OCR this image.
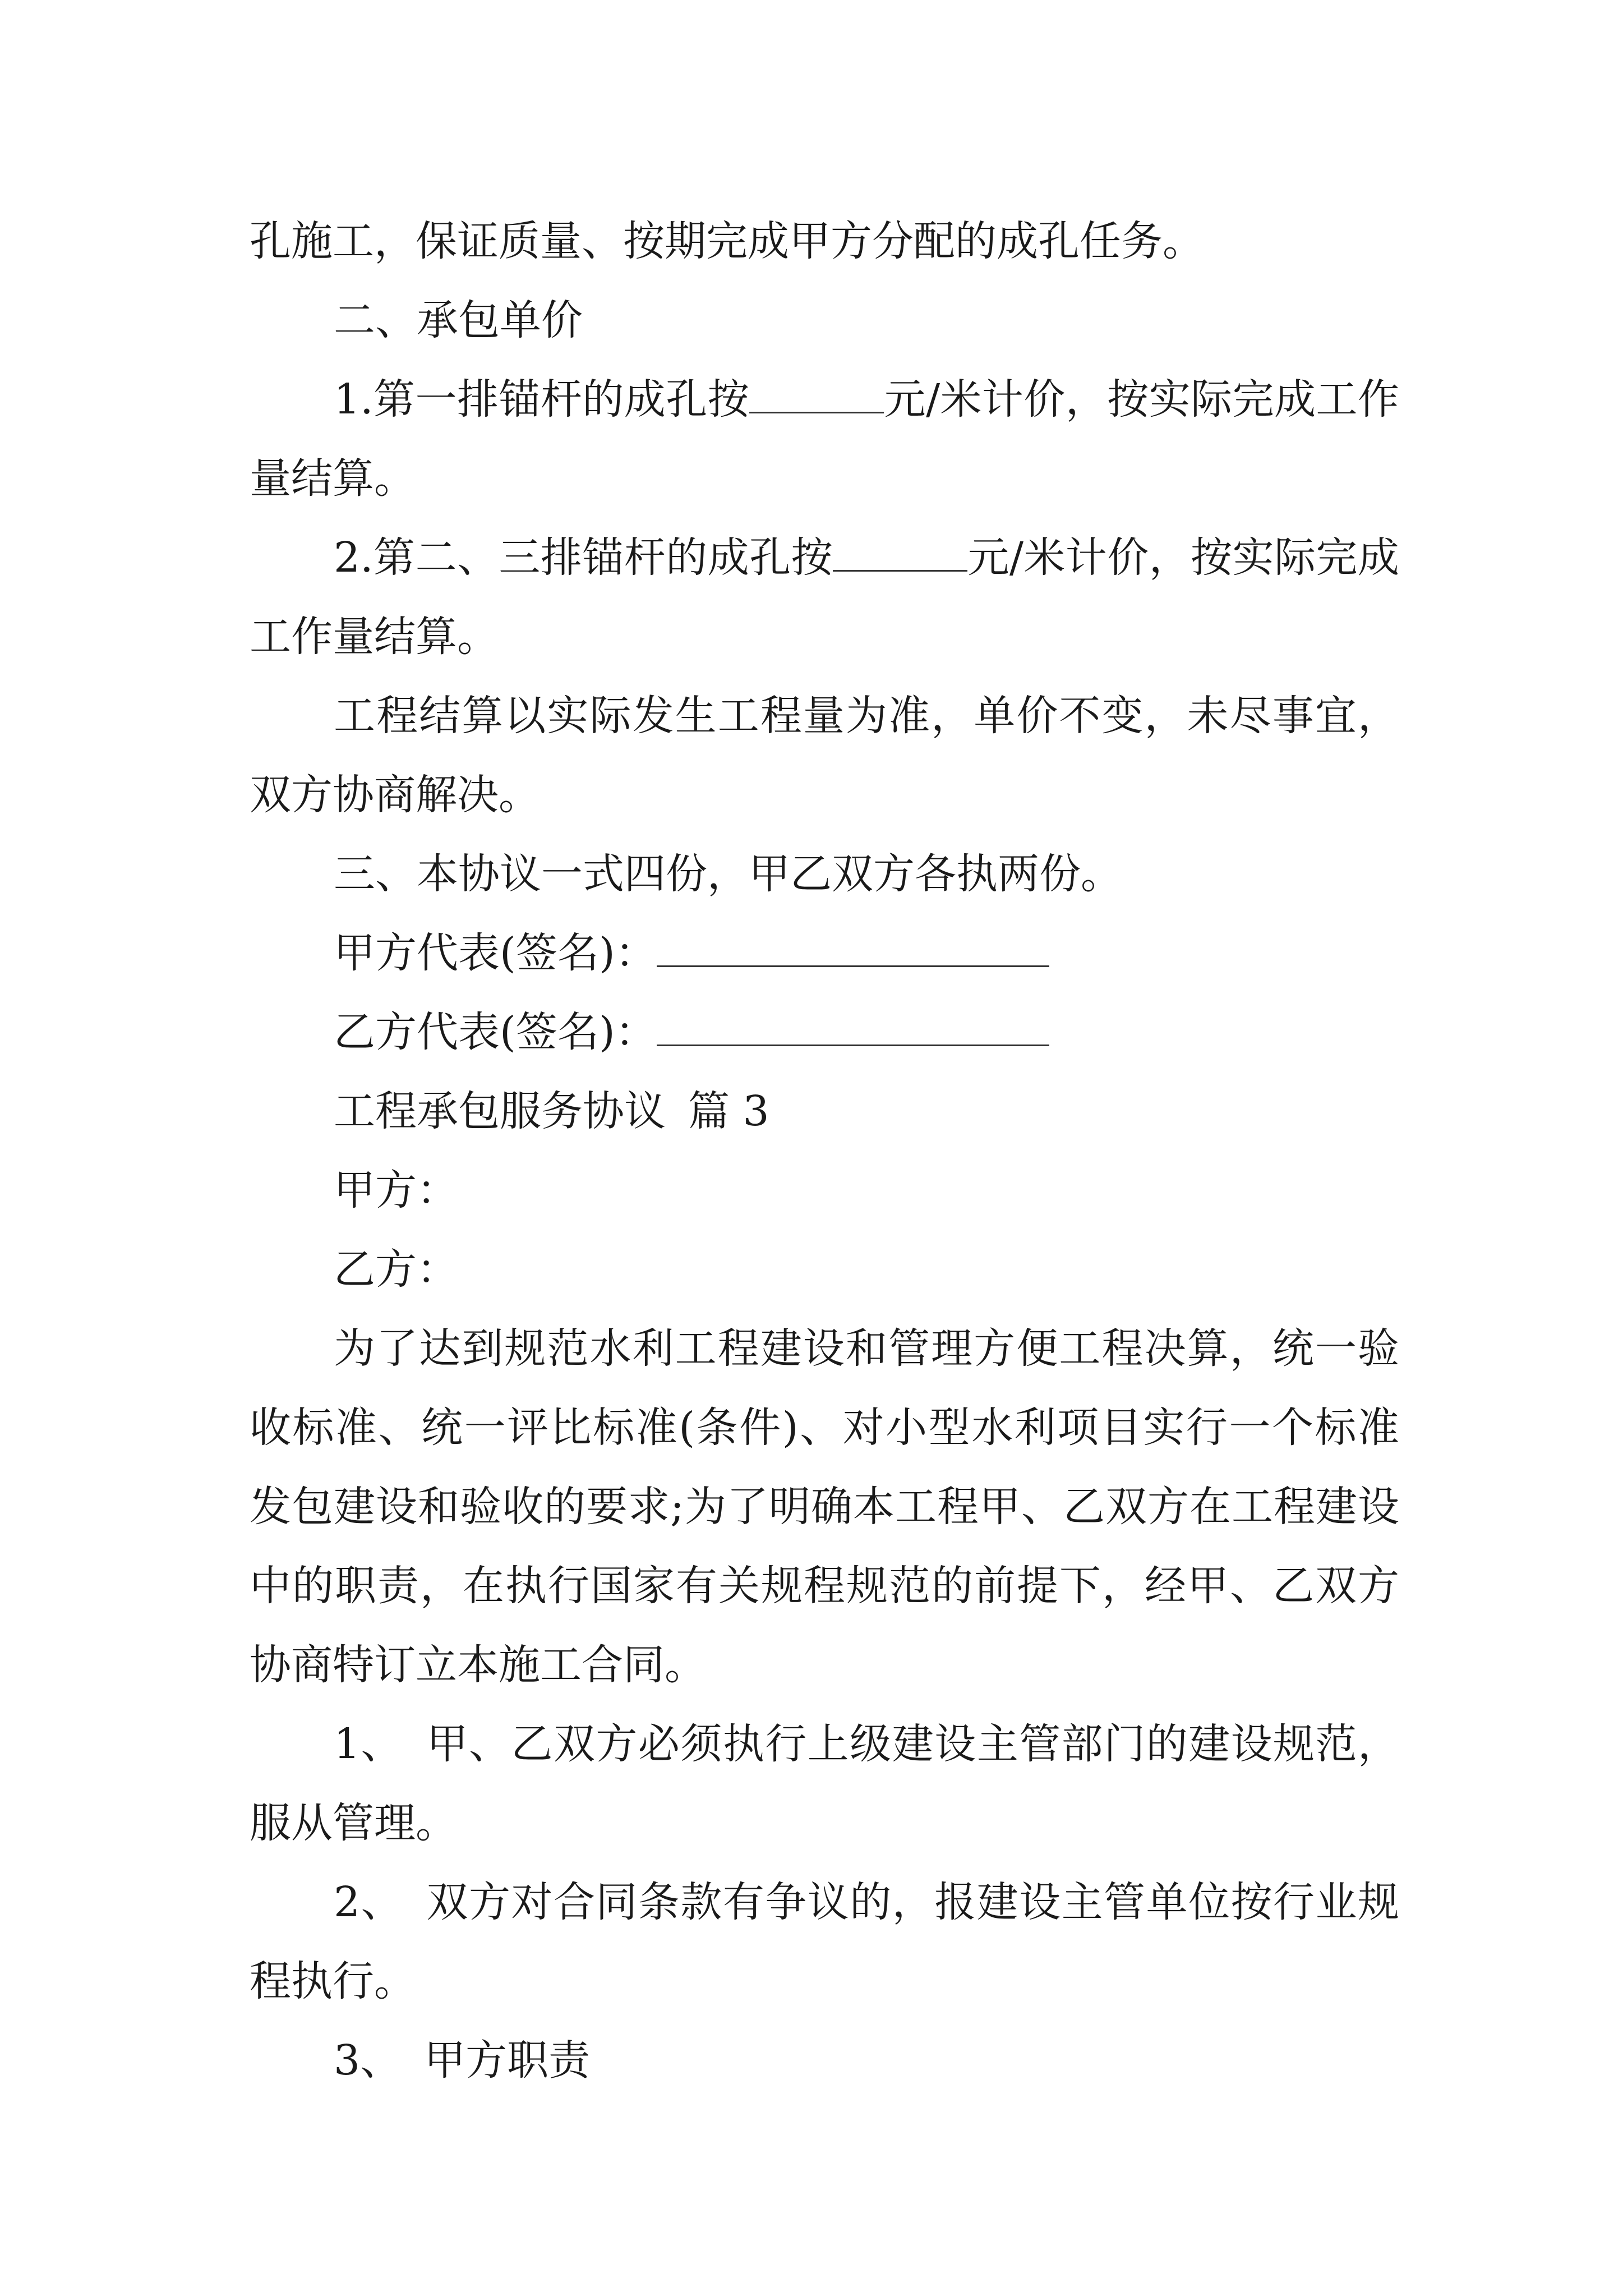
孔施工，保证质量、按期完成甲方分配的成孔任务。

二、承包单价

1.第一排锚杆的成孔按	元/米计价，按实际完成工作量结算。

2.第二、三排锚杆的成孔按	元/米计价，按实际完成工作量结算。

工程结算以实际发生工程量为准，单价不变，未尽事宜，双方协商解决。

三、本协议一式四份，甲乙双方各执两份。

甲方代表(签名)：

乙方代表(签名)：

工程承包服务协议 篇 3

甲方：

乙方：

为了达到规范水利工程建设和管理方便工程决算，统一验收标准、统一评比标准(条件)、对小型水利项目实行一个标准发包建设和验收的要求;为了明确本工程甲、乙双方在工程建设中的职责，在执行国家有关规程规范的前提下，经甲、乙双方协商特订立本施工合同。

1、 甲、乙双方必须执行上级建设主管部门的建设规范，服从管理。

2、 双方对合同条款有争议的，报建设主管单位按行业规程执行。

3、 甲方职责
